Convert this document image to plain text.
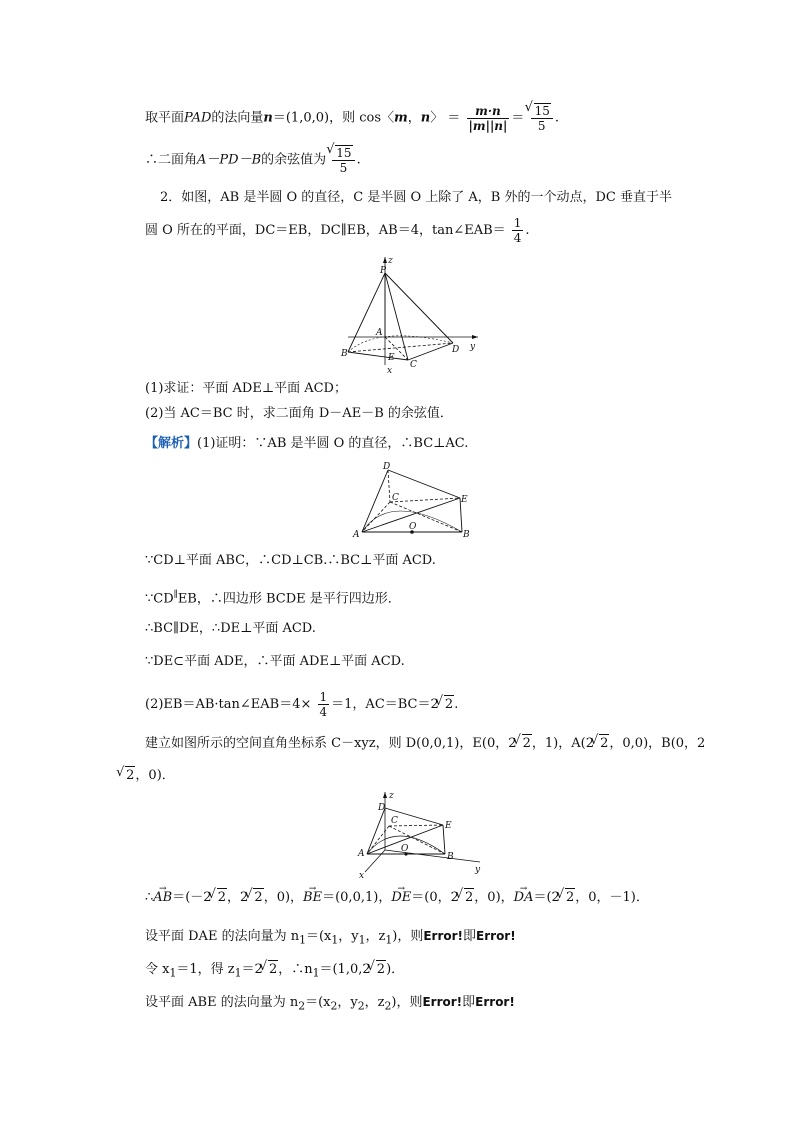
取平面PAD的法向量n＝(1,0,0)，则 cos〈m，n〉 ＝ $\frac{m\cdot n}{|m||n|}$ ＝ √ $\frac{15}{5}$ .
∴二面角A－PD－B的余弦值为 √ $\frac{15}{5}$ .
2．如图，AB 是半圆 O 的直径，C 是半圆 O 上除了 A，B 外的一个动点，DC 垂直于半
圆 O 所在的平面，DC＝EB，DC∥EB，AB＝4，tan∠EAB＝ $\frac{1}{4}$ .
P
z
A
B	E
C
D y
x
(1)求证：平面 ADE⊥平面 ACD；
(2)当 AC＝BC 时，求二面角 D－AE－B 的余弦值．
【解析】(1)证明：∵AB 是半圆 O 的直径，∴BC⊥AC.
D
C	E
A
O
B
∵CD⊥平面 ABC，∴CD⊥CB.∴BC⊥平面 ACD.
∵CD∥EB，∴四边形 BCDE 是平行四边形．
∴BC∥DE，∴DE⊥平面 ACD.
∵DE⊂平面 ADE，∴平面 ADE⊥平面 ACD.
(2)EB＝AB·tan∠EAB＝4× $\frac{1}{4} =1$，AC＝BC＝2 √ 2.
建立如图所示的空间直角坐标系 C－xyz，则 D(0,0,1)，E(0，2 √ 2，1)，A(2 √ 2，0,0)，B(0，2
√ 2，0)．
z
D
C	E
A	O
B
x
y
∴→ AB＝(－2 √ 2，2 √ 2，0)，→ BE＝(0,0,1)，→ DE＝(0，2 √ 2，0)，→ DA＝(2 √ 2，0，－1)．
设平面 DAE 的法向量为 $n_1=(x_1$，$y_1$，$z_1$)，则Error!即Error!
令 $x_1=1$，得 $z_1=2$ √ 2，$\therefore n_1=(1,0,2$ √ 2)．
设平面 ABE 的法向量为 $n_2=(x_2$，$y_2$，$z_2$)，则Error!即Error!
